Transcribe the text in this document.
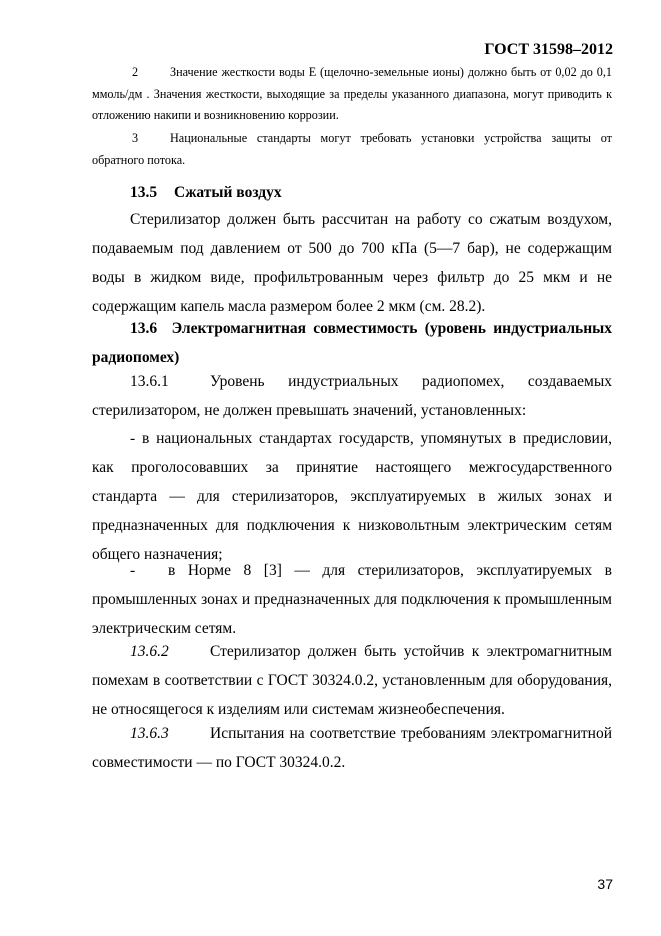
ГОСТ 31598–2012
2	Значение жесткости воды Е (щелочно-земельные ионы) должно быть от 0,02 до 0,1 ммоль/дм . Значения жесткости, выходящие за пределы указанного диапазона, могут приводить к отложению накипи и возникновению коррозии.
3	Национальные стандарты могут требовать установки устройства защиты от обратного потока.
13.5 Сжатый воздух
Стерилизатор должен быть рассчитан на работу со сжатым воздухом, подаваемым под давлением от 500 до 700 кПа (5—7 бар), не содержащим воды в жидком виде, профильтрованным через фильтр до 25 мкм и не содержащим капель масла размером более 2 мкм (см. 28.2).
13.6 Электромагнитная совместимость (уровень индустриальных радиопомех)
13.6.1	Уровень индустриальных радиопомех, создаваемых стерилизатором, не должен превышать значений, установленных:
- в национальных стандартах государств, упомянутых в предисловии, как проголосовавших за принятие настоящего межгосударственного стандарта — для стерилизаторов, эксплуатируемых в жилых зонах и предназначенных для подключения к низковольтным электрическим сетям общего назначения;
- в Норме 8 [3] — для стерилизаторов, эксплуатируемых в промышленных зонах и предназначенных для подключения к промышленным электрическим сетям.
13.6.2	Стерилизатор должен быть устойчив к электромагнитным помехам в соответствии с ГОСТ 30324.0.2, установленным для оборудования, не относящегося к изделиям или системам жизнеобеспечения.
13.6.3	Испытания на соответствие требованиям электромагнитной совместимости — по ГОСТ 30324.0.2.
37
